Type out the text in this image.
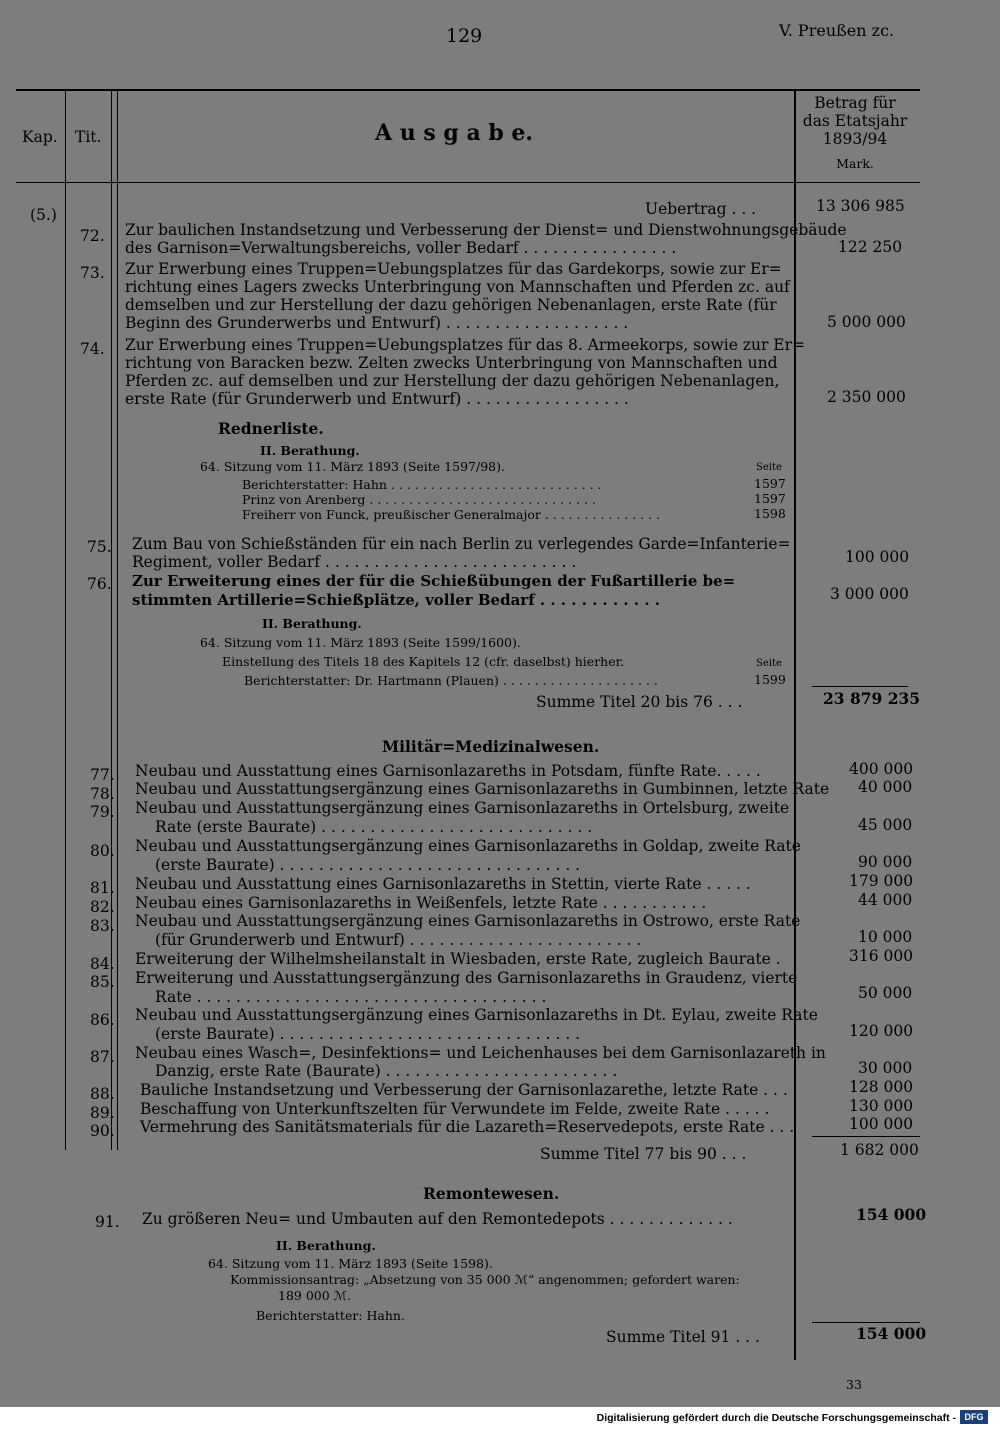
129	V. Preußen zc.
Kap. Tit.	A u s g a b e.
Betrag für
das Etatsjahr
1893/94
Mark.
(5.)	Uebertrag . . .	13 306 985
72. Zur baulichen Instandsetzung und Verbesserung der Dienst= und Dienstwohnungsgebäude
des Garnison=Verwaltungsbereichs, voller Bedarf . . . . . . . . . . . . . . . .	122 250
73. Zur Erwerbung eines Truppen=Uebungsplatzes für das Gardekorps, sowie zur Er=
richtung eines Lagers zwecks Unterbringung von Mannschaften und Pferden zc. auf
demselben und zur Herstellung der dazu gehörigen Nebenanlagen, erste Rate (für
Beginn des Grunderwerbs und Entwurf) . . . . . . . . . . . . . . . . . . .	5 000 000
74. Zur Erwerbung eines Truppen=Uebungsplatzes für das 8. Armeekorps, sowie zur Er=
richtung von Baracken bezw. Zelten zwecks Unterbringung von Mannschaften und
Pferden zc. auf demselben und zur Herstellung der dazu gehörigen Nebenanlagen,
erste Rate (für Grunderwerb und Entwurf) . . . . . . . . . . . . . . . . .	2 350 000
Rednerliste.
II. Berathung.
64. Sitzung vom 11. März 1893 (Seite 1597/98).	Seite
Berichterstatter: Hahn . . . . . . . . . . . . . . . . . . . . . . . . . . .	1597
Prinz von Arenberg . . . . . . . . . . . . . . . . . . . . . . . . . . . . .	1597
Freiherr von Funck, preußischer Generalmajor . . . . . . . . . . . . . . .	1598
75. Zum Bau von Schießständen für ein nach Berlin zu verlegendes Garde=Infanterie=
Regiment, voller Bedarf . . . . . . . . . . . . . . . . . . . . . . . . . .	100 000
76. Zur Erweiterung eines der für die Schießübungen der Fußartillerie be=
stimmten Artillerie=Schießplätze, voller Bedarf . . . . . . . . . . . .	3 000 000
II. Berathung.
64. Sitzung vom 11. März 1893 (Seite 1599/1600).
Einstellung des Titels 18 des Kapitels 12 (cfr. daselbst) hierher.	Seite
Berichterstatter: Dr. Hartmann (Plauen) . . . . . . . . . . . . . . . . . . . .	1599
Summe Titel 20 bis 76 . . .	23 879 235
Militär=Medizinalwesen.
77. Neubau und Ausstattung eines Garnisonlazareths in Potsdam, fünfte Rate. . . . .	400 000
78. Neubau und Ausstattungsergänzung eines Garnisonlazareths in Gumbinnen, letzte Rate 40 000
79. Neubau und Ausstattungsergänzung eines Garnisonlazareths in Ortelsburg, zweite
Rate (erste Baurate) . . . . . . . . . . . . . . . . . . . . . . . . . . . .	45 000
80. Neubau und Ausstattungsergänzung eines Garnisonlazareths in Goldap, zweite Rate
(erste Baurate) . . . . . . . . . . . . . . . . . . . . . . . . . . . . . . .	90 000
81. Neubau und Ausstattung eines Garnisonlazareths in Stettin, vierte Rate . . . . .	179 000
82. Neubau eines Garnisonlazareths in Weißenfels, letzte Rate . . . . . . . . . . .	44 000
83. Neubau und Ausstattungsergänzung eines Garnisonlazareths in Ostrowo, erste Rate
(für Grunderwerb und Entwurf) . . . . . . . . . . . . . . . . . . . . . . . .	10 000
84. Erweiterung der Wilhelmsheilanstalt in Wiesbaden, erste Rate, zugleich Baurate .	316 000
85. Erweiterung und Ausstattungsergänzung des Garnisonlazareths in Graudenz, vierte
Rate . . . . . . . . . . . . . . . . . . . . . . . . . . . . . . . . . . . .	50 000
86. Neubau und Ausstattungsergänzung eines Garnisonlazareths in Dt. Eylau, zweite Rate
(erste Baurate) . . . . . . . . . . . . . . . . . . . . . . . . . . . . . . .	120 000
87. Neubau eines Wasch=, Desinfektions= und Leichenhauses bei dem Garnisonlazareth in
Danzig, erste Rate (Baurate) . . . . . . . . . . . . . . . . . . . . . . . .	30 000
88. Bauliche Instandsetzung und Verbesserung der Garnisonlazarethe, letzte Rate . . . .	128 000
89. Beschaffung von Unterkunftszelten für Verwundete im Felde, zweite Rate . . . . .	130 000
90. Vermehrung des Sanitätsmaterials für die Lazareth=Reservedepots, erste Rate . . .	100 000
Summe Titel 77 bis 90 . . .	1 682 000
Remontewesen.
91. Zu größeren Neu= und Umbauten auf den Remontedepots . . . . . . . . . . . . .	154 000
II. Berathung.
64. Sitzung vom 11. März 1893 (Seite 1598).
Kommissionsantrag: „Absetzung von 35 000 ℳ“ angenommen; gefordert waren:
189 000 ℳ.
Berichterstatter: Hahn.
Summe Titel 91 . . .	154 000
33
Digitalisierung gefördert durch die Deutsche Forschungsgemeinschaft - DFG
